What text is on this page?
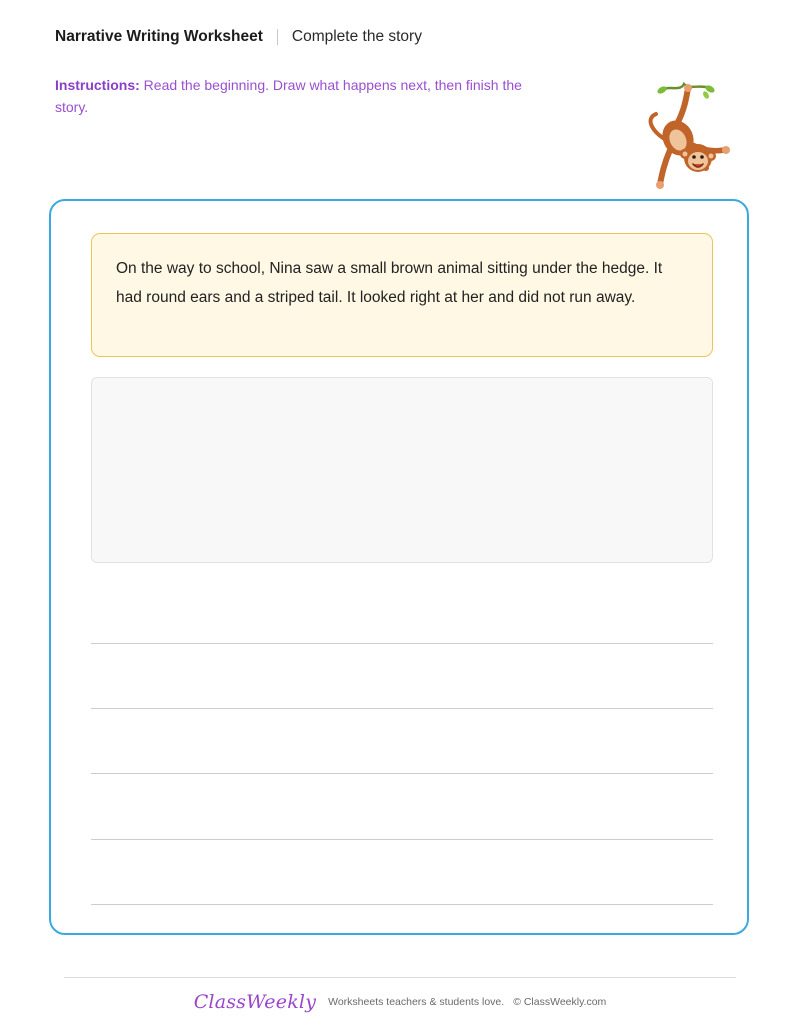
Narrative Writing Worksheet Complete the story
Instructions: Read the beginning. Draw what happens next, then finish the story.
On the way to school, Nina saw a small brown animal sitting under the hedge. It had round ears and a striped tail. It looked right at her and did not run away.
ClassWeekly Worksheets teachers & students love. © ClassWeekly.com
